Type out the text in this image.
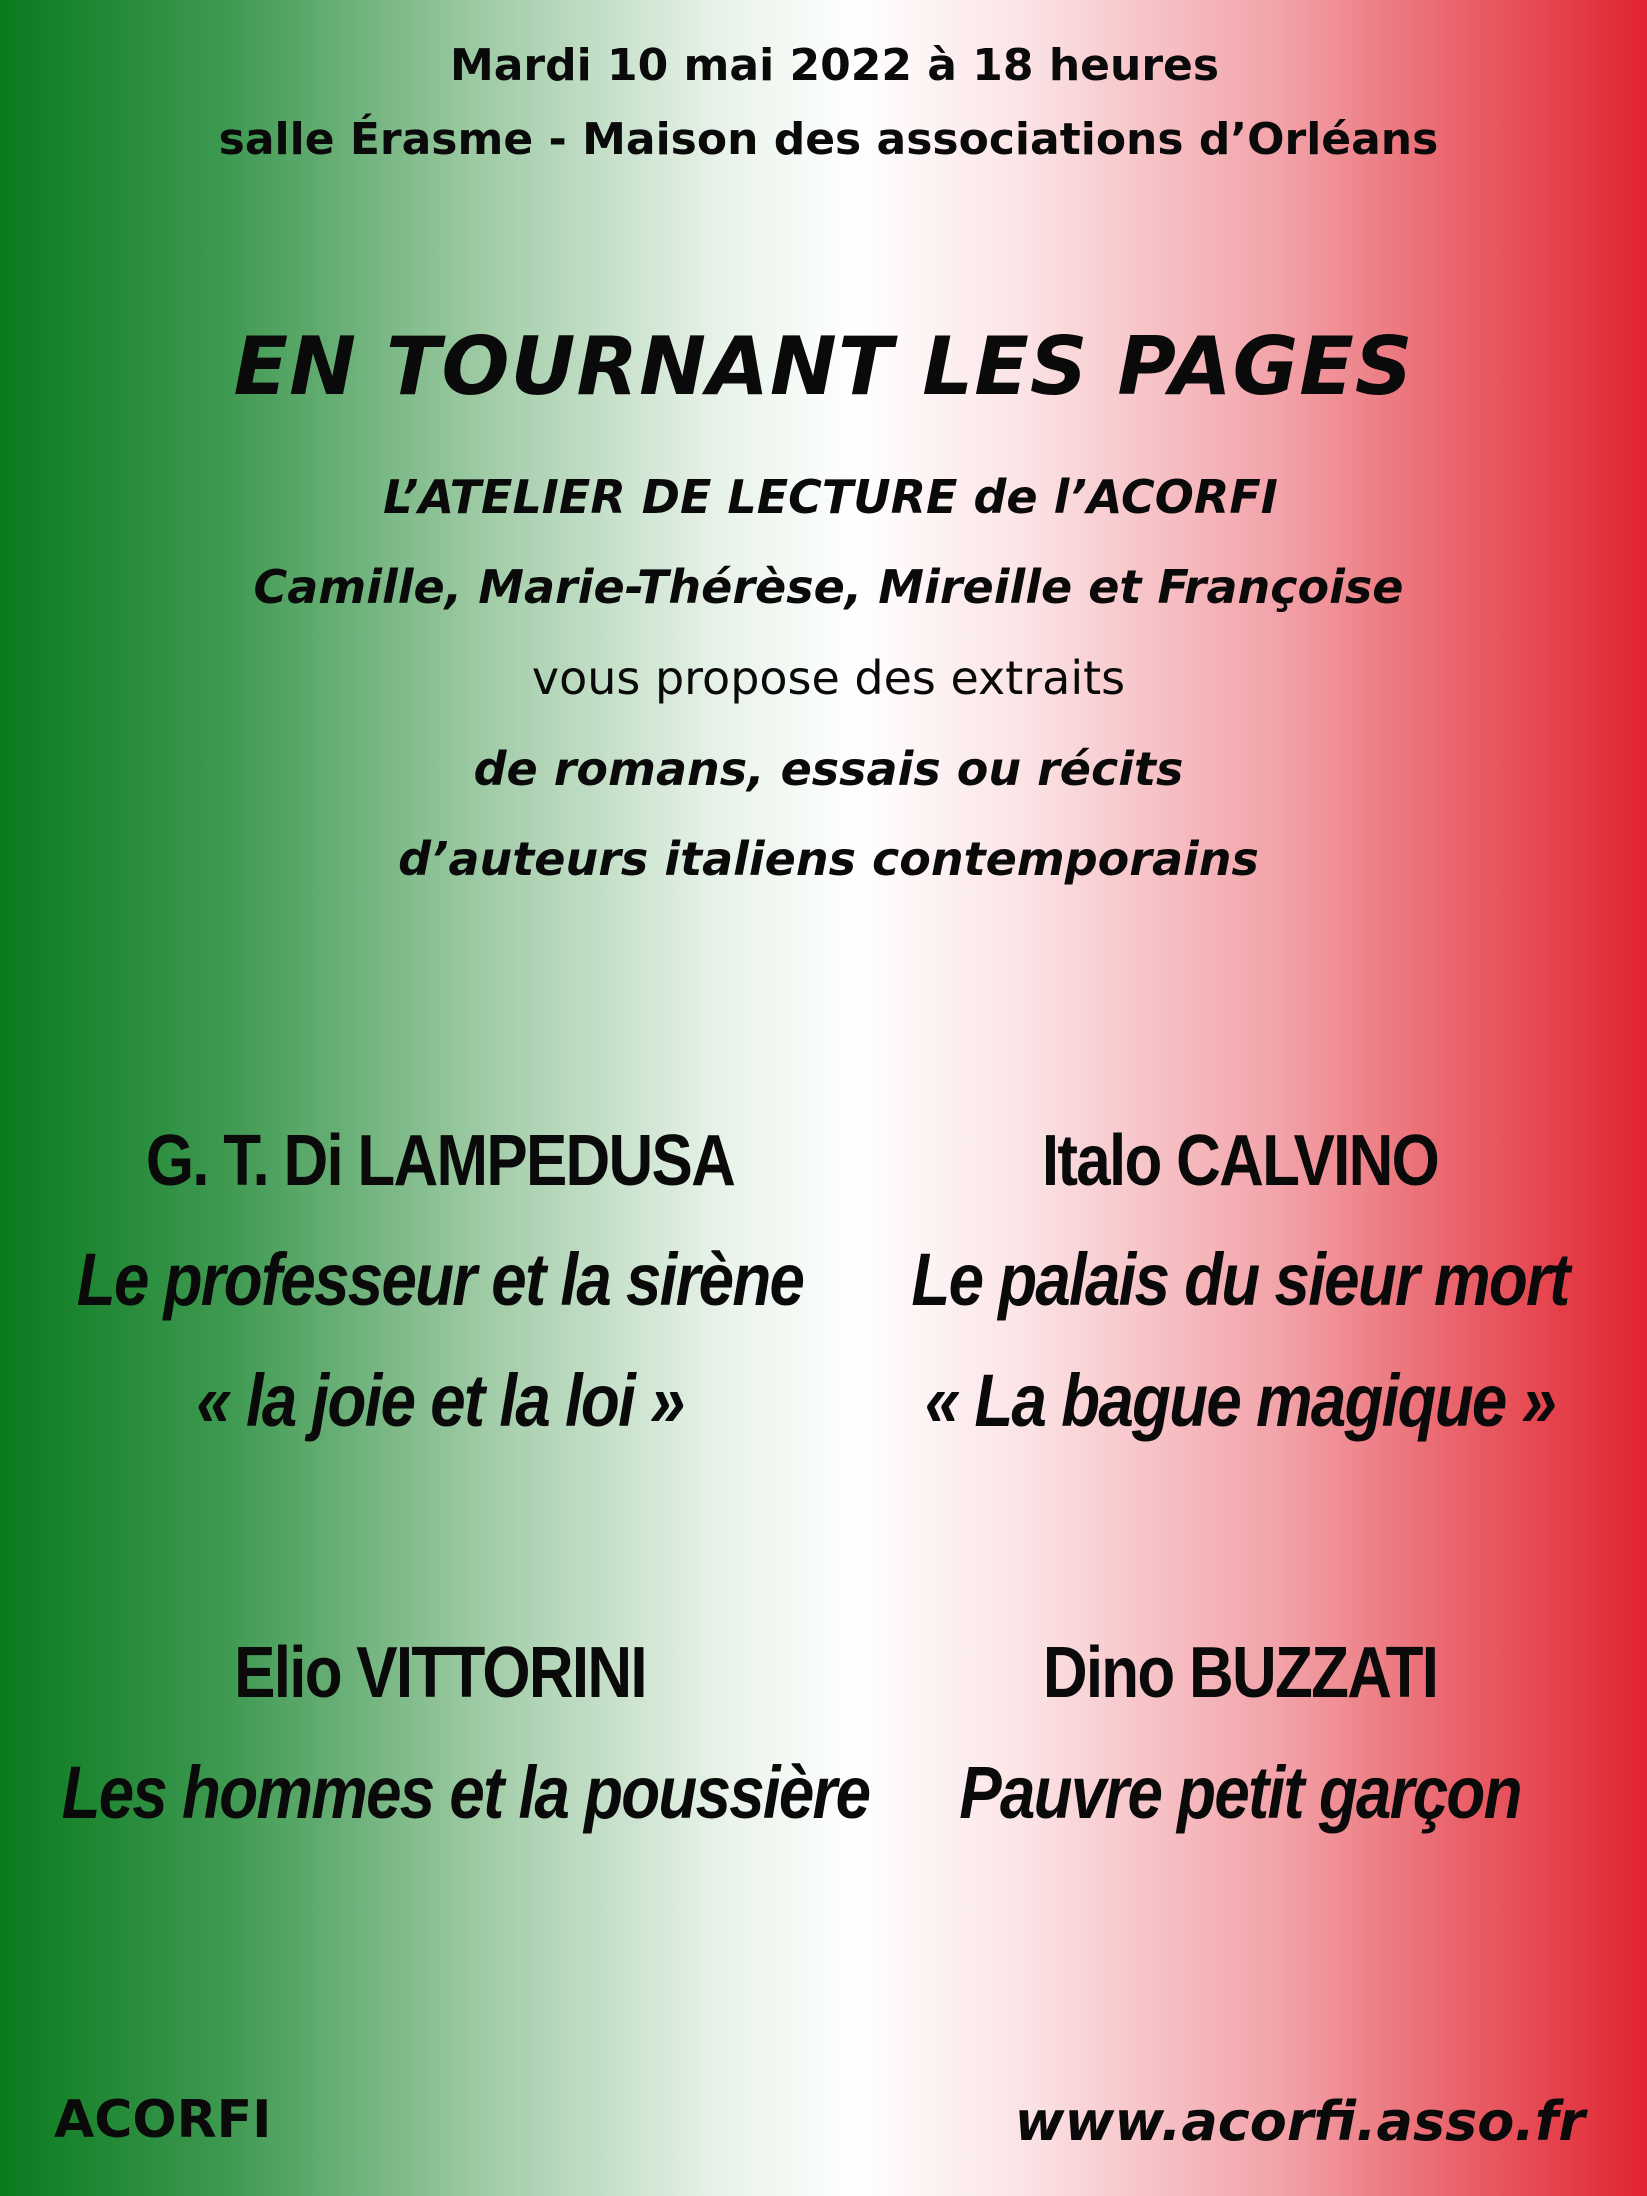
Mardi 10 mai 2022 à 18 heures
salle Érasme - Maison des associations d’Orléans
EN TOURNANT LES PAGES
L’ATELIER DE LECTURE de l’ACORFI
Camille, Marie-Thérèse, Mireille et Françoise
vous propose des extraits
de romans, essais ou récits
d’auteurs italiens contemporains
G. T. Di LAMPEDUSA
Le professeur et la sirène
« la joie et la loi »
Italo CALVINO
Le palais du sieur mort
« La bague magique »
Elio VITTORINI
Les hommes et la poussière
Dino BUZZATI
Pauvre petit garçon
ACORFI	www.acorfi.asso.fr
